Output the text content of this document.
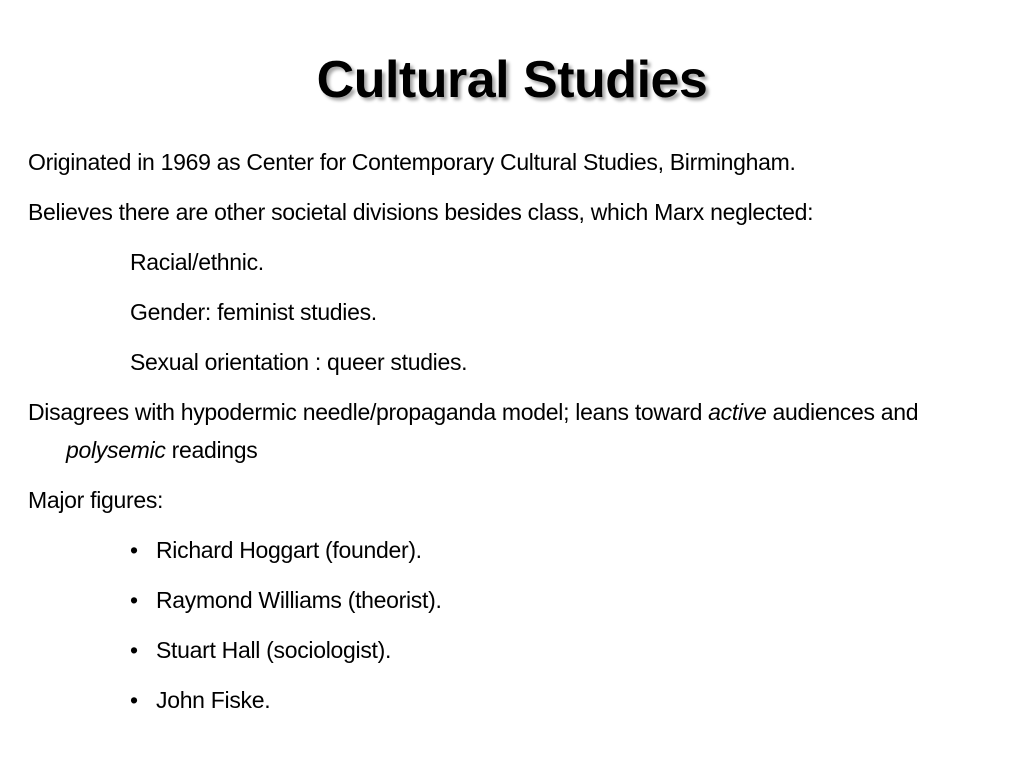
Cultural Studies

Originated in 1969 as Center for Contemporary Cultural Studies, Birmingham.

Believes there are other societal divisions besides class, which Marx neglected:

Racial/ethnic.

Gender: feminist studies.

Sexual orientation : queer studies.

Disagrees with hypodermic needle/propaganda model; leans toward active audiences and polysemic readings

Major figures:

• Richard Hoggart (founder).
• Raymond Williams (theorist).
• Stuart Hall (sociologist).
• John Fiske.
